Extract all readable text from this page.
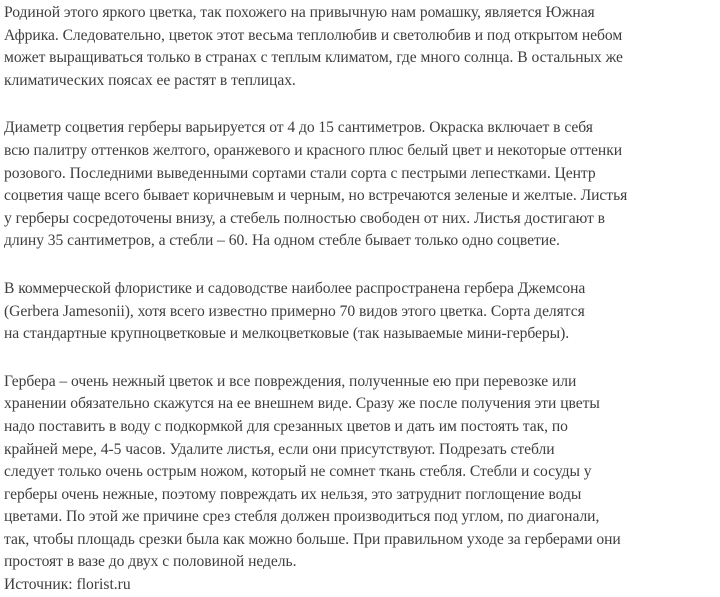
Родиной этого яркого цветка, так похожего на привычную нам ромашку, является Южная
Африка. Следовательно, цветок этот весьма теплолюбив и светолюбив и под открытом небом
может выращиваться только в странах с теплым климатом, где много солнца. В остальных же
климатических поясах ее растят в теплицах.
Диаметр соцветия герберы варьируется от 4 до 15 сантиметров. Окраска включает в себя
всю палитру оттенков желтого, оранжевого и красного плюс белый цвет и некоторые оттенки
розового. Последними выведенными сортами стали сорта с пестрыми лепестками. Центр
соцветия чаще всего бывает коричневым и черным, но встречаются зеленые и желтые. Листья
у герберы сосредоточены внизу, а стебель полностью свободен от них. Листья достигают в
длину 35 сантиметров, а стебли – 60. На одном стебле бывает только одно соцветие.
В коммерческой флористике и садоводстве наиболее распространена гербера Джемсона
(Gerbera Jamesonii), хотя всего известно примерно 70 видов этого цветка. Сорта делятся
на стандартные крупноцветковые и мелкоцветковые (так называемые мини-герберы).
Гербера – очень нежный цветок и все повреждения, полученные ею при перевозке или
хранении обязательно скажутся на ее внешнем виде. Сразу же после получения эти цветы
надо поставить в воду с подкормкой для срезанных цветов и дать им постоять так, по
крайней мере, 4-5 часов. Удалите листья, если они присутствуют. Подрезать стебли
следует только очень острым ножом, который не сомнет ткань стебля. Стебли и сосуды у
герберы очень нежные, поэтому повреждать их нельзя, это затруднит поглощение воды
цветами. По этой же причине срез стебля должен производиться под углом, по диагонали,
так, чтобы площадь срезки была как можно больше. При правильном уходе за герберами они
простоят в вазе до двух с половиной недель.
Источник: florist.ru
